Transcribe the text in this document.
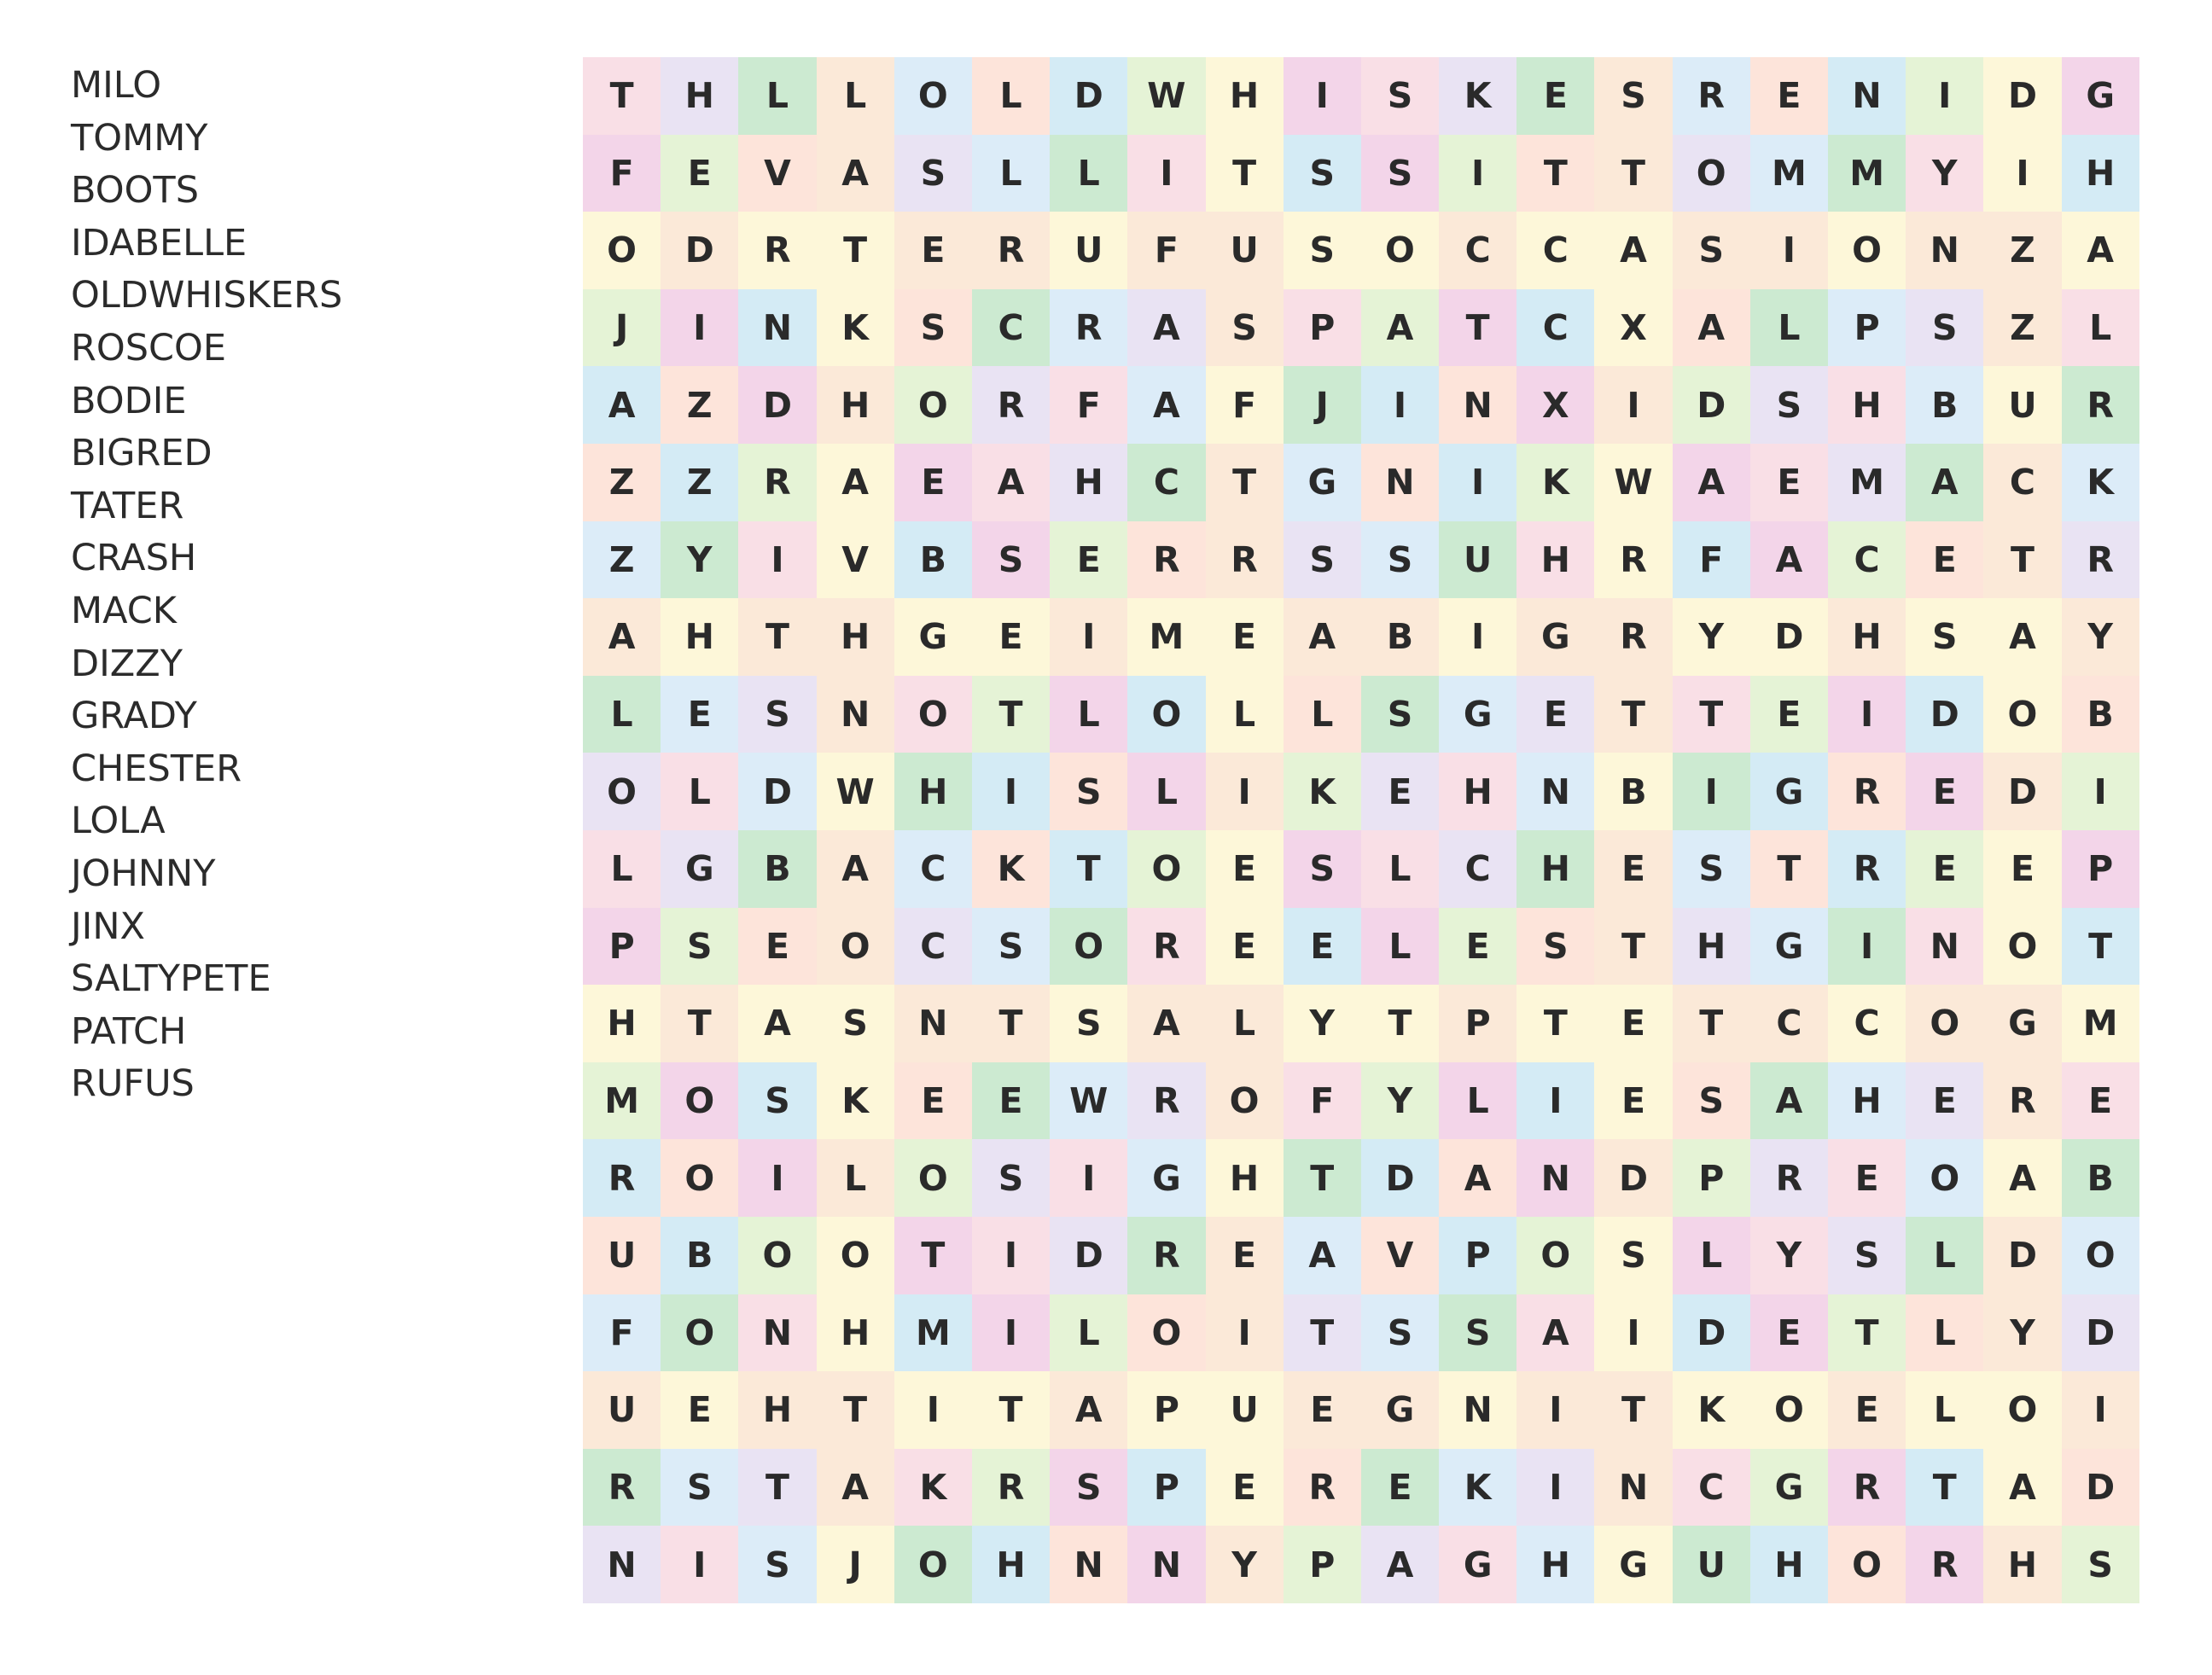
MILO
TOMMY
BOOTS
IDABELLE
OLDWHISKERS
ROSCOE
BODIE
BIGRED
TATER
CRASH
MACK
DIZZY
GRADY
CHESTER
LOLA
JOHNNY
JINX
SALTYPETE
PATCH
RUFUS
T	H	L	L	O	L	D	W	H	I	S	K	E	S	R	E	N	I	D	G
F	E	V	A	S	L	L	I	T	S	S	I	T	T	O	M	M	Y	I	H
O	D	R	T	E	R	U	F	U	S	O	C	C	A	S	I	O	N	Z	A
J	I	N	K	S	C	R	A	S	P	A	T	C	X	A	L	P	S	Z	L
A	Z	D	H	O	R	F	A	F	J	I	N	X	I	D	S	H	B	U	R
Z	Z	R	A	E	A	H	C	T	G	N	I	K	W	A	E	M	A	C	K
Z	Y	I	V	B	S	E	R	R	S	S	U	H	R	F	A	C	E	T	R
A	H	T	H	G	E	I	M	E	A	B	I	G	R	Y	D	H	S	A	Y
L	E	S	N	O	T	L	O	L	L	S	G	E	T	T	E	I	D	O	B
O	L	D	W	H	I	S	L	I	K	E	H	N	B	I	G	R	E	D	I
L	G	B	A	C	K	T	O	E	S	L	C	H	E	S	T	R	E	E	P
P	S	E	O	C	S	O	R	E	E	L	E	S	T	H	G	I	N	O	T
H	T	A	S	N	T	S	A	L	Y	T	P	T	E	T	C	C	O	G	M
M	O	S	K	E	E	W	R	O	F	Y	L	I	E	S	A	H	E	R	E
R	O	I	L	O	S	I	G	H	T	D	A	N	D	P	R	E	O	A	B
U	B	O	O	T	I	D	R	E	A	V	P	O	S	L	Y	S	L	D	O
F	O	N	H	M	I	L	O	I	T	S	S	A	I	D	E	T	L	Y	D
U	E	H	T	I	T	A	P	U	E	G	N	I	T	K	O	E	L	O	I
R	S	T	A	K	R	S	P	E	R	E	K	I	N	C	G	R	T	A	D
N	I	S	J	O	H	N	N	Y	P	A	G	H	G	U	H	O	R	H	S
